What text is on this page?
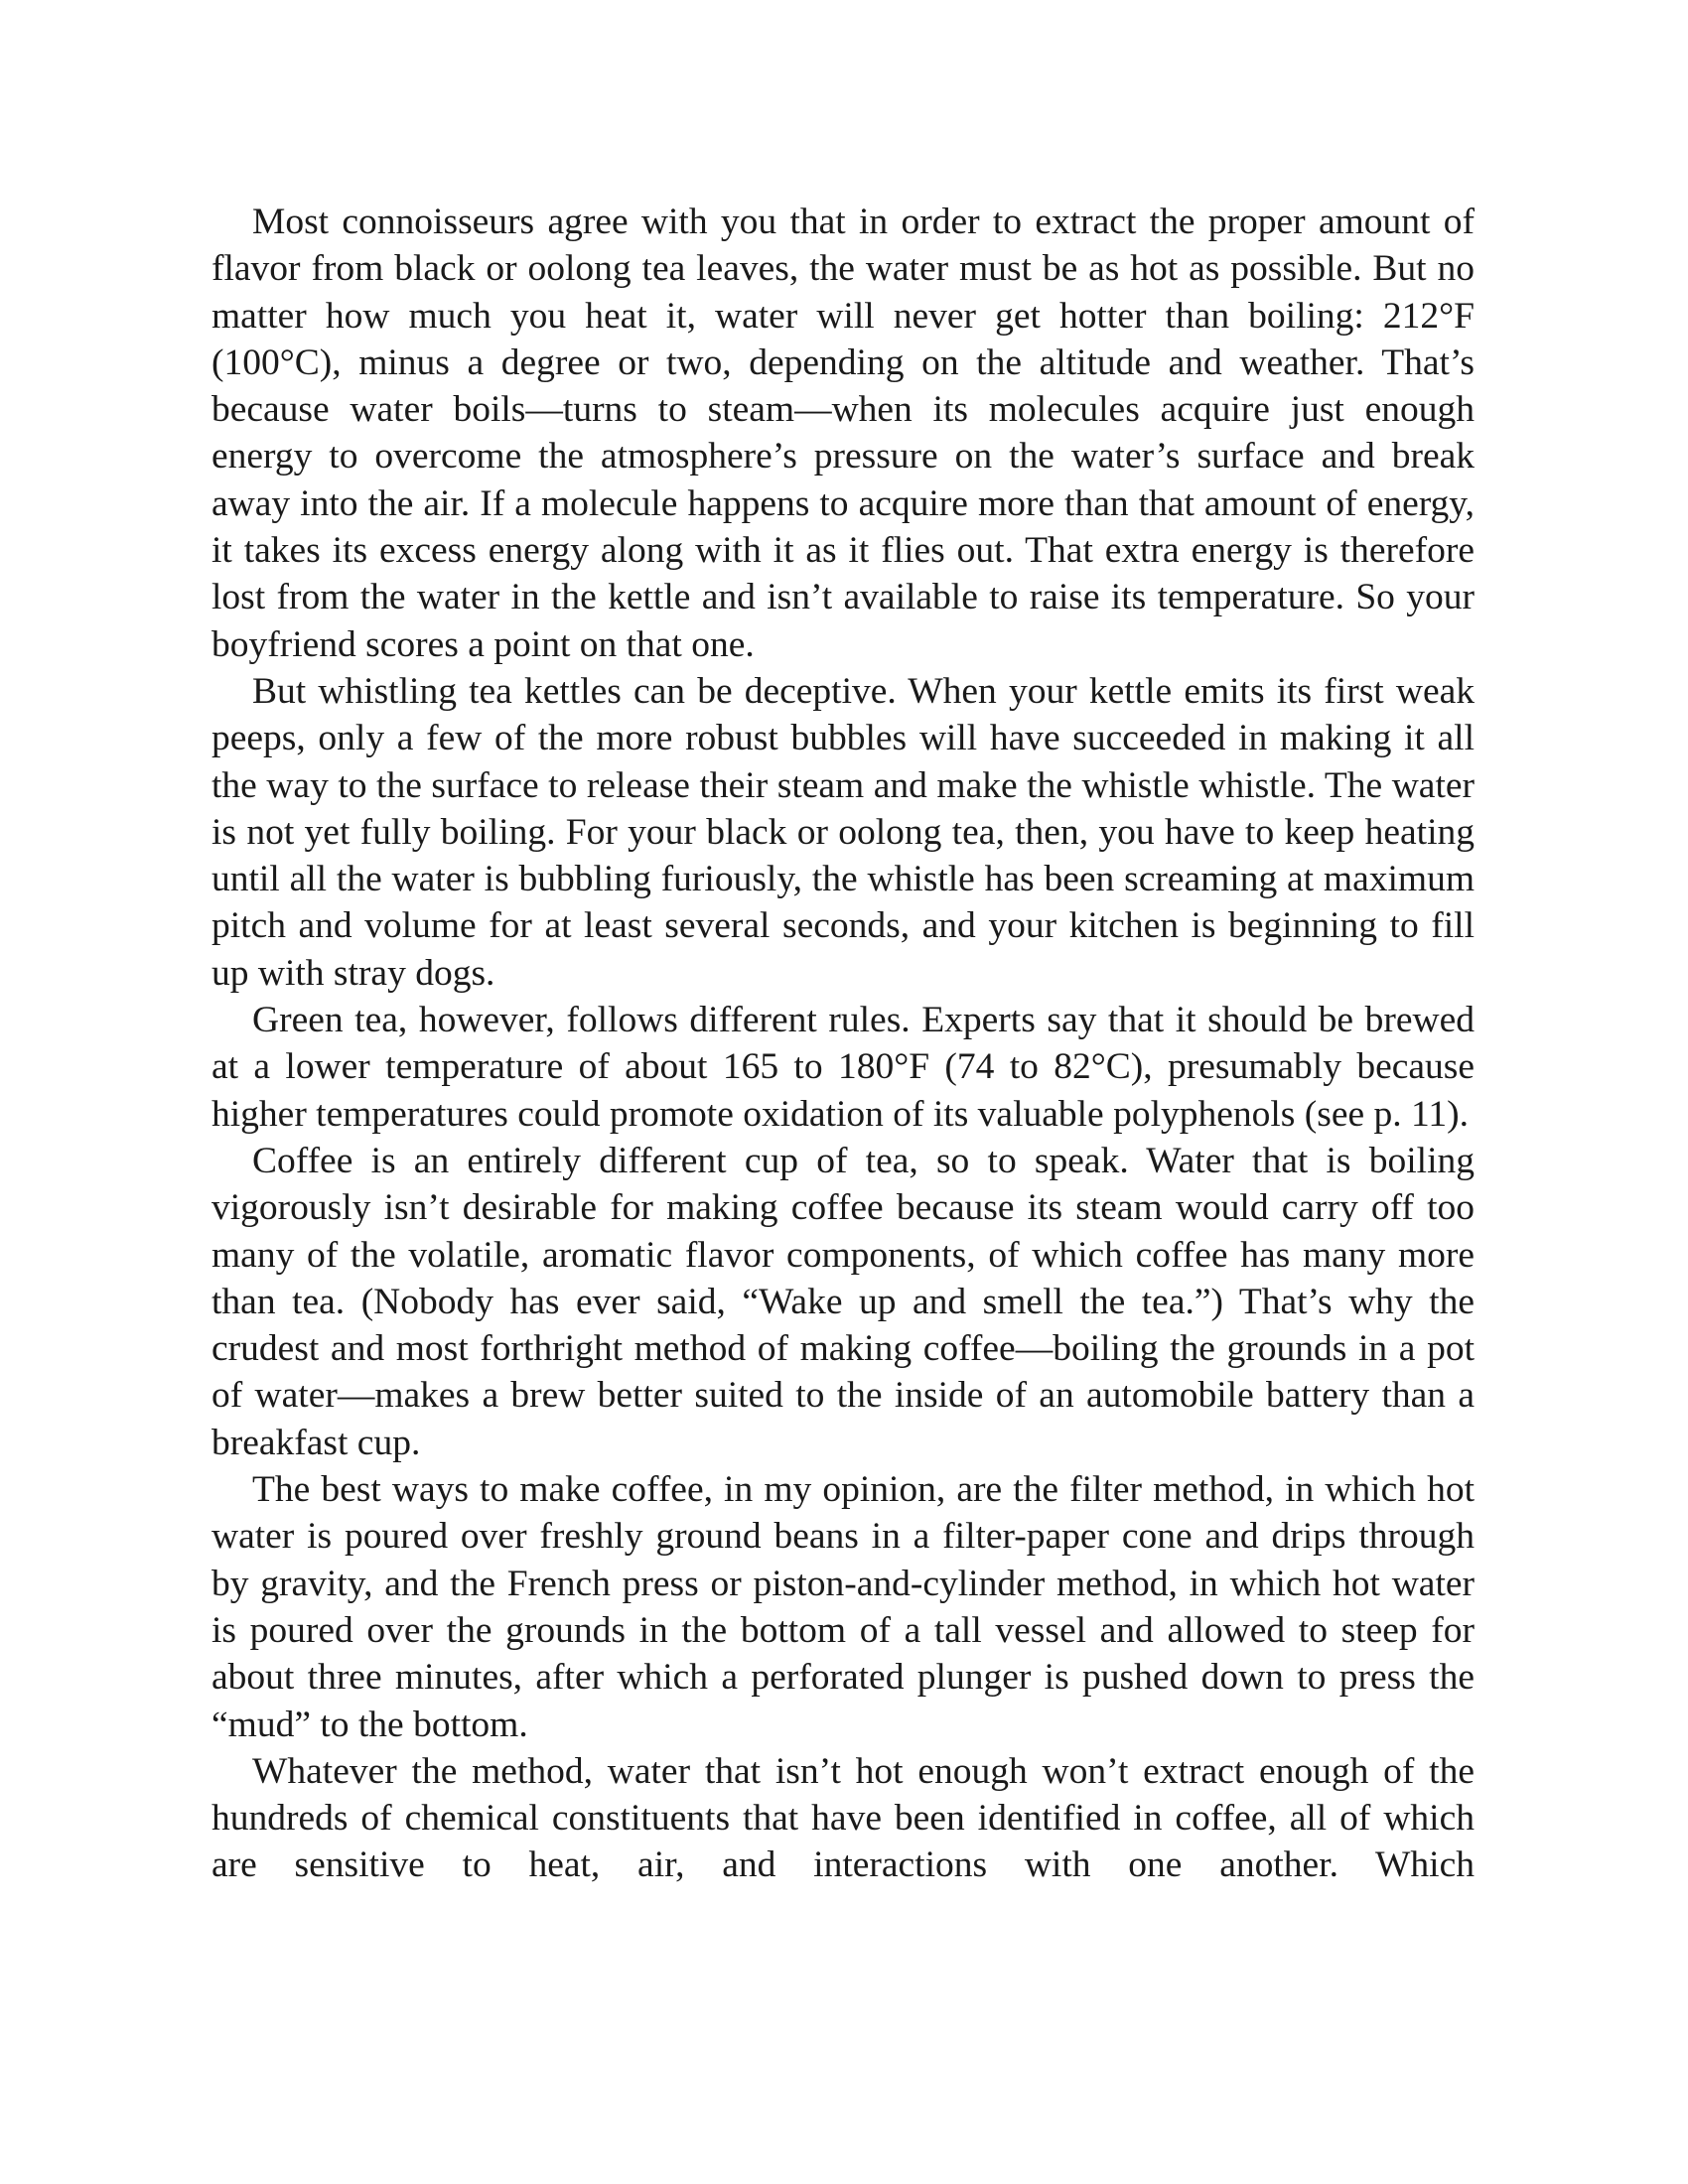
Most connoisseurs agree with you that in order to extract the proper amount of flavor from black or oolong tea leaves, the water must be as hot as possible. But no matter how much you heat it, water will never get hotter than boiling: 212°F (100°C), minus a degree or two, depending on the altitude and weather. That’s because water boils—turns to steam—when its molecules acquire just enough energy to overcome the atmosphere’s pressure on the water’s surface and break away into the air. If a molecule happens to acquire more than that amount of energy, it takes its excess energy along with it as it flies out. That extra energy is therefore lost from the water in the kettle and isn’t available to raise its temperature. So your boyfriend scores a point on that one.

But whistling tea kettles can be deceptive. When your kettle emits its first weak peeps, only a few of the more robust bubbles will have succeeded in making it all the way to the surface to release their steam and make the whistle whistle. The water is not yet fully boiling. For your black or oolong tea, then, you have to keep heating until all the water is bubbling furiously, the whistle has been screaming at maximum pitch and volume for at least several seconds, and your kitchen is beginning to fill up with stray dogs.

Green tea, however, follows different rules. Experts say that it should be brewed at a lower temperature of about 165 to 180°F (74 to 82°C), presumably because higher temperatures could promote oxidation of its valuable polyphenols (see p. 11).

Coffee is an entirely different cup of tea, so to speak. Water that is boiling vigorously isn’t desirable for making coffee because its steam would carry off too many of the volatile, aromatic flavor components, of which coffee has many more than tea. (Nobody has ever said, “Wake up and smell the tea.”) That’s why the crudest and most forthright method of making coffee—boiling the grounds in a pot of water—makes a brew better suited to the inside of an automobile battery than a breakfast cup.

The best ways to make coffee, in my opinion, are the filter method, in which hot water is poured over freshly ground beans in a filter-paper cone and drips through by gravity, and the French press or piston-and-cylinder method, in which hot water is poured over the grounds in the bottom of a tall vessel and allowed to steep for about three minutes, after which a perforated plunger is pushed down to press the “mud” to the bottom.

Whatever the method, water that isn’t hot enough won’t extract enough of the hundreds of chemical constituents that have been identified in coffee, all of which are sensitive to heat, air, and interactions with one another. Which
